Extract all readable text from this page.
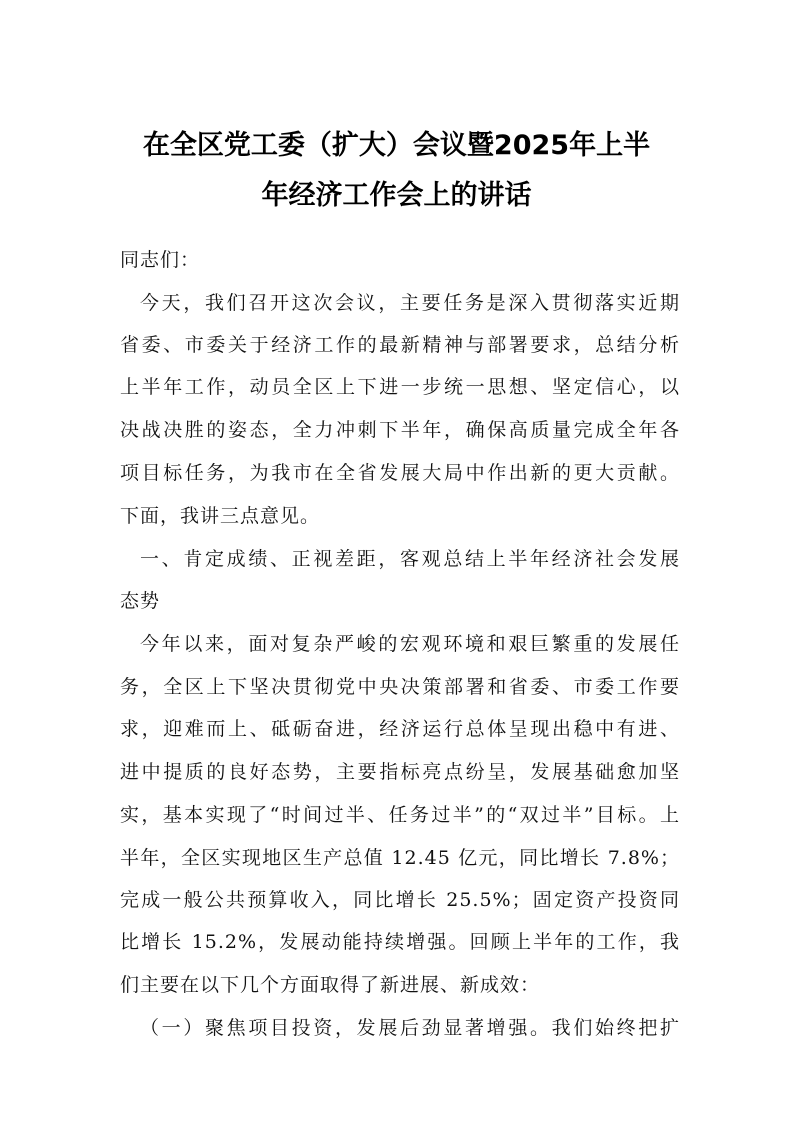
在全区党工委（扩大）会议暨2025年上半
年经济工作会上的讲话
同志们：
今天，我们召开这次会议，主要任务是深入贯彻落实近期
省委、市委关于经济工作的最新精神与部署要求，总结分析
上半年工作，动员全区上下进一步统一思想、坚定信心，以
决战决胜的姿态，全力冲刺下半年，确保高质量完成全年各
项目标任务，为我市在全省发展大局中作出新的更大贡献。
下面，我讲三点意见。
一、肯定成绩、正视差距，客观总结上半年经济社会发展
态势
今年以来，面对复杂严峻的宏观环境和艰巨繁重的发展任
务，全区上下坚决贯彻党中央决策部署和省委、市委工作要
求，迎难而上、砥砺奋进，经济运行总体呈现出稳中有进、
进中提质的良好态势，主要指标亮点纷呈，发展基础愈加坚
实，基本实现了“时间过半、任务过半”的“双过半”目标。上
半年，全区实现地区生产总值 12.45 亿元，同比增长 7.8%；
完成一般公共预算收入，同比增长 25.5%；固定资产投资同
比增长 15.2%，发展动能持续增强。回顾上半年的工作，我
们主要在以下几个方面取得了新进展、新成效：
（一）聚焦项目投资，发展后劲显著增强。我们始终把扩
